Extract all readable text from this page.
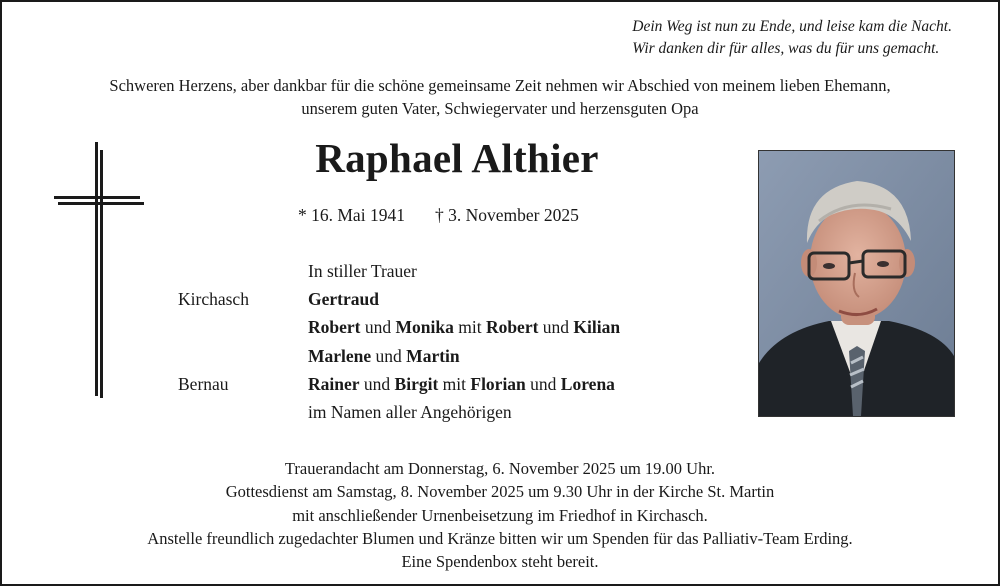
Dein Weg ist nun zu Ende, und leise kam die Nacht.
Wir danken dir für alles, was du für uns gemacht.
Schweren Herzens, aber dankbar für die schöne gemeinsame Zeit nehmen wir Abschied von meinem lieben Ehemann,
unserem guten Vater, Schwiegervater und herzensguten Opa
Raphael Althier
* 16. Mai 1941 † 3. November 2025
In stiller Trauer
Kirchasch	Gertraud
Robert und Monika mit Robert und Kilian
Marlene und Martin
Bernau	Rainer und Birgit mit Florian und Lorena
im Namen aller Angehörigen
Trauerandacht am Donnerstag, 6. November 2025 um 19.00 Uhr.
Gottesdienst am Samstag, 8. November 2025 um 9.30 Uhr in der Kirche St. Martin
mit anschließender Urnenbeisetzung im Friedhof in Kirchasch.
Anstelle freundlich zugedachter Blumen und Kränze bitten wir um Spenden für das Palliativ-Team Erding.
Eine Spendenbox steht bereit.
